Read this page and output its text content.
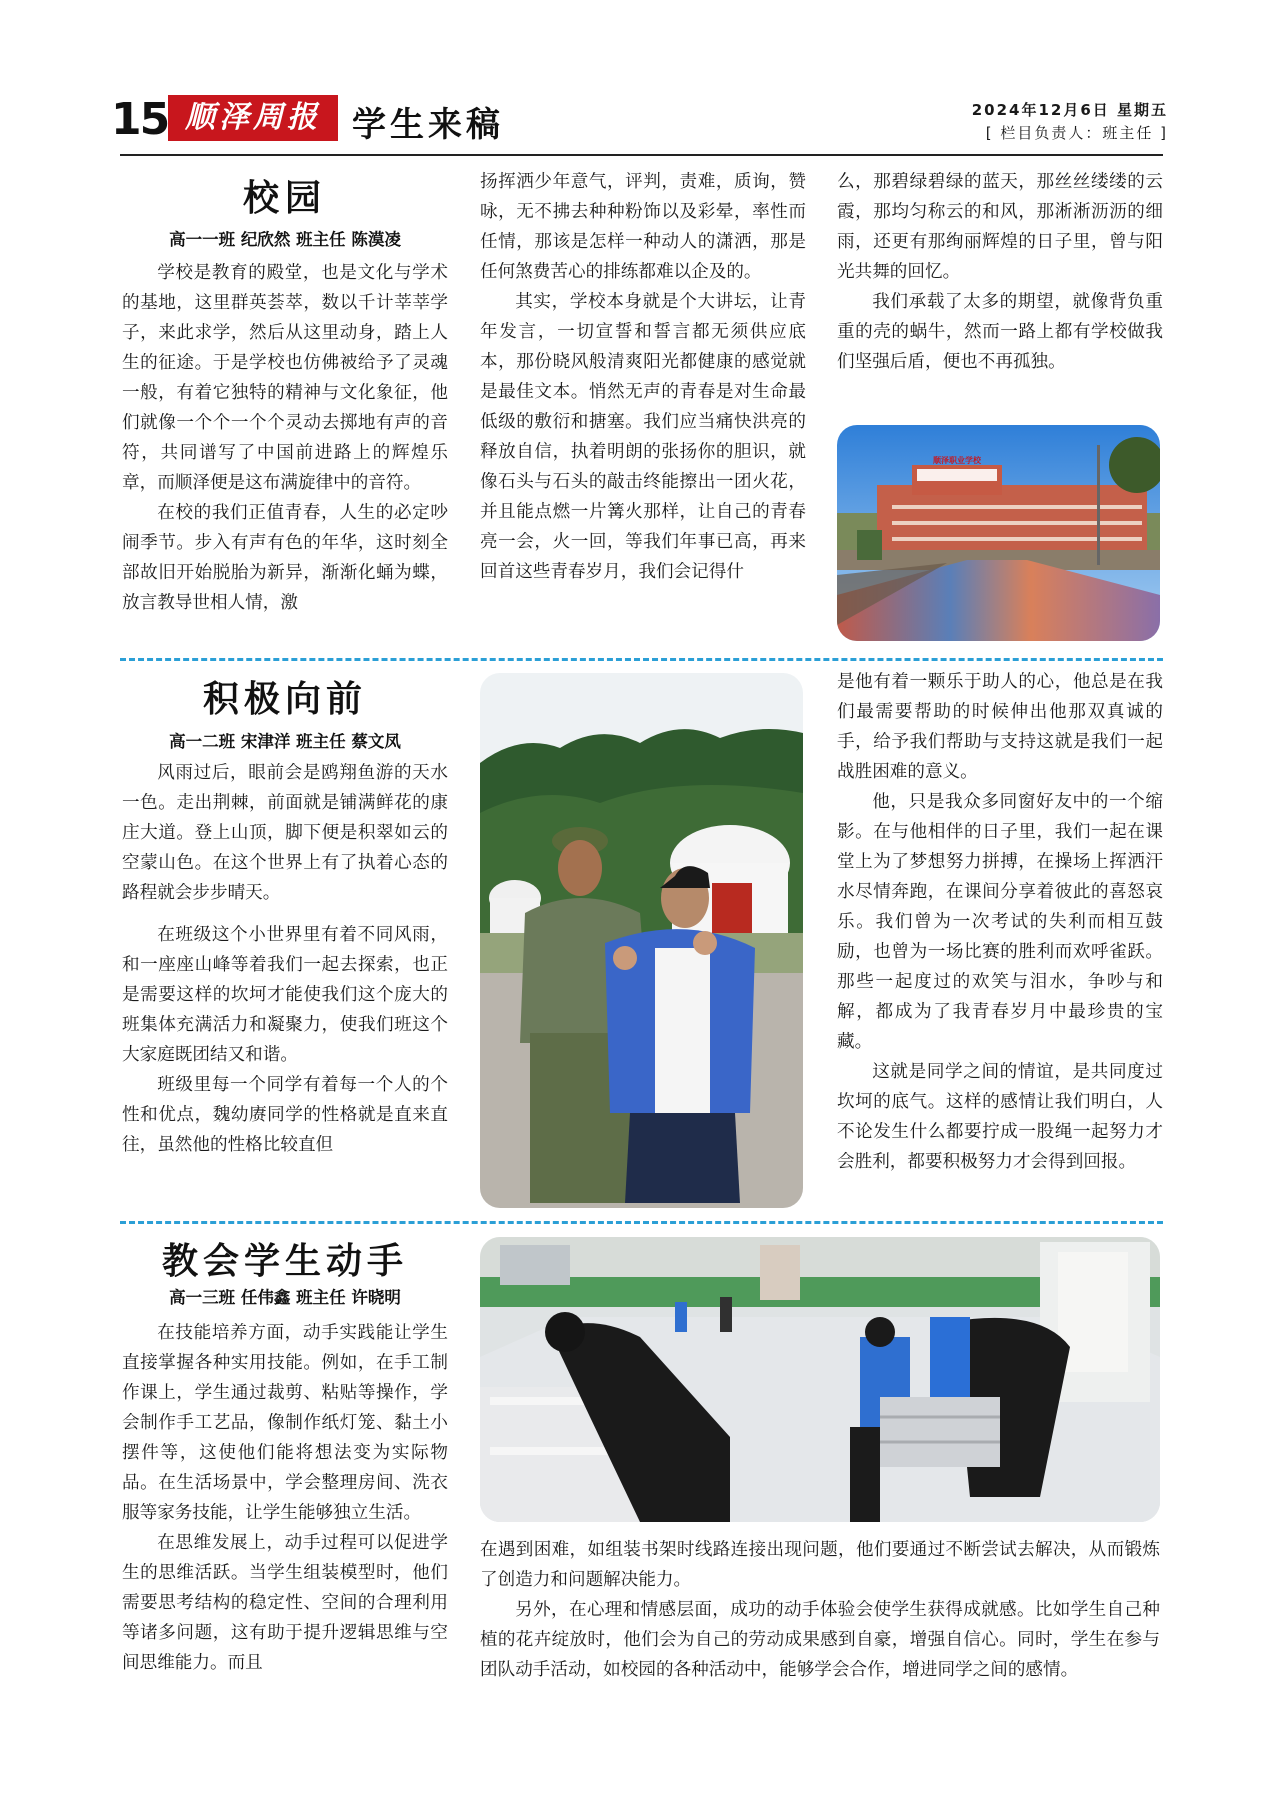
15 顺泽周报 学生来稿	2024年12月6日 星期五
[ 栏目负责人：班主任 ]
校园
高一一班 纪欣然 班主任 陈漠凌

学校是教育的殿堂，也是文化与学术的基地，这里群英荟萃，数以千计莘莘学子，来此求学，然后从这里动身，踏上人生的征途。于是学校也仿佛被给予了灵魂一般，有着它独特的精神与文化象征，他们就像一个个一个个灵动去掷地有声的音符，共同谱写了中国前进路上的辉煌乐章，而顺泽便是这布满旋律中的音符。

在校的我们正值青春，人生的必定吵闹季节。步入有声有色的年华，这时刻全部故旧开始脱胎为新异，渐渐化蛹为蝶，放言教导世相人情，激

扬挥洒少年意气，评判，责难，质询，赞咏，无不拂去种种粉饰以及彩晕，率性而任情，那该是怎样一种动人的潇洒，那是任何煞费苦心的排练都难以企及的。

其实，学校本身就是个大讲坛，让青年发言，一切宣誓和誓言都无须供应底本，那份晓风般清爽阳光都健康的感觉就是最佳文本。悄然无声的青春是对生命最低级的敷衍和搪塞。我们应当痛快洪亮的释放自信，执着明朗的张扬你的胆识，就像石头与石头的敲击终能擦出一团火花，并且能点燃一片篝火那样，让自己的青春亮一会，火一回，等我们年事已高，再来回首这些青春岁月，我们会记得什

么，那碧绿碧绿的蓝天，那丝丝缕缕的云霞，那均匀称云的和风，那淅淅沥沥的细雨，还更有那绚丽辉煌的日子里，曾与阳光共舞的回忆。

我们承载了太多的期望，就像背负重重的壳的蜗牛，然而一路上都有学校做我们坚强后盾，便也不再孤独。

顺泽职业学校
积极向前
高一二班 宋津洋 班主任 蔡文凤

风雨过后，眼前会是鸥翔鱼游的天水一色。走出荆棘，前面就是铺满鲜花的康庄大道。登上山顶，脚下便是积翠如云的空蒙山色。在这个世界上有了执着心态的路程就会步步晴天。

在班级这个小世界里有着不同风雨，和一座座山峰等着我们一起去探索，也正是需要这样的坎坷才能使我们这个庞大的班集体充满活力和凝聚力，使我们班这个大家庭既团结又和谐。

班级里每一个同学有着每一个人的个性和优点，魏幼赓同学的性格就是直来直往，虽然他的性格比较直但

是他有着一颗乐于助人的心，他总是在我们最需要帮助的时候伸出他那双真诚的手，给予我们帮助与支持这就是我们一起战胜困难的意义。

他，只是我众多同窗好友中的一个缩影。在与他相伴的日子里，我们一起在课堂上为了梦想努力拼搏，在操场上挥洒汗水尽情奔跑，在课间分享着彼此的喜怒哀乐。我们曾为一次考试的失利而相互鼓励，也曾为一场比赛的胜利而欢呼雀跃。那些一起度过的欢笑与泪水，争吵与和解，都成为了我青春岁月中最珍贵的宝藏。

这就是同学之间的情谊，是共同度过坎坷的底气。这样的感情让我们明白，人不论发生什么都要拧成一股绳一起努力才会胜利，都要积极努力才会得到回报。

教会学生动手
高一三班 任伟鑫 班主任 许晓明

在技能培养方面，动手实践能让学生直接掌握各种实用技能。例如，在手工制作课上，学生通过裁剪、粘贴等操作，学会制作手工艺品，像制作纸灯笼、黏土小摆件等，这使他们能将想法变为实际物品。在生活场景中，学会整理房间、洗衣服等家务技能，让学生能够独立生活。

在思维发展上，动手过程可以促进学生的思维活跃。当学生组装模型时，他们需要思考结构的稳定性、空间的合理利用等诸多问题，这有助于提升逻辑思维与空间思维能力。而且

在遇到困难，如组装书架时线路连接出现问题，他们要通过不断尝试去解决，从而锻炼了创造力和问题解决能力。

另外，在心理和情感层面，成功的动手体验会使学生获得成就感。比如学生自己种植的花卉绽放时，他们会为自己的劳动成果感到自豪，增强自信心。同时，学生在参与团队动手活动，如校园的各种活动中，能够学会合作，增进同学之间的感情。
